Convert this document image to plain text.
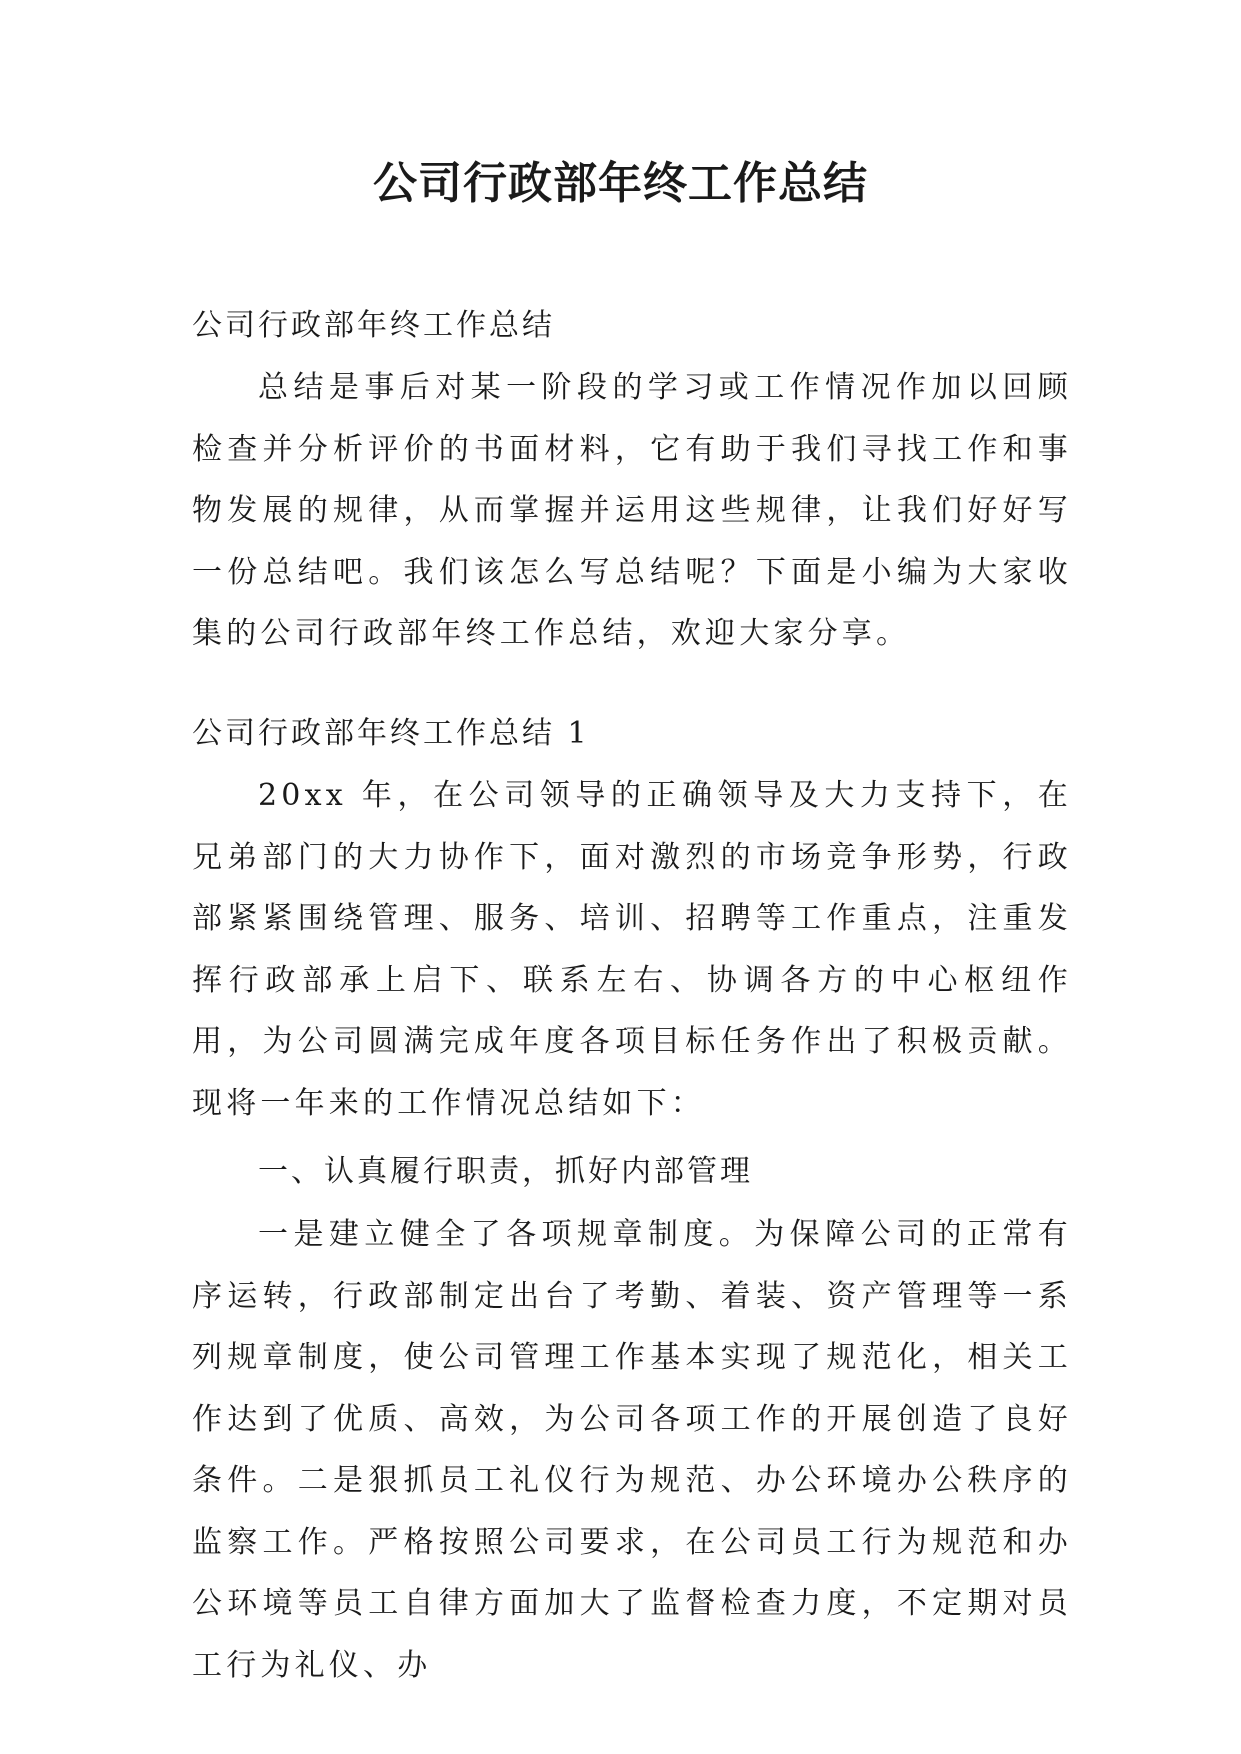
公司行政部年终工作总结

公司行政部年终工作总结

总结是事后对某一阶段的学习或工作情况作加以回顾检查并分析评价的书面材料，它有助于我们寻找工作和事物发展的规律，从而掌握并运用这些规律，让我们好好写一份总结吧。我们该怎么写总结呢？下面是小编为大家收集的公司行政部年终工作总结，欢迎大家分享。

公司行政部年终工作总结 1

20xx 年，在公司领导的正确领导及大力支持下，在兄弟部门的大力协作下，面对激烈的市场竞争形势，行政部紧紧围绕管理、服务、培训、招聘等工作重点，注重发挥行政部承上启下、联系左右、协调各方的中心枢纽作用，为公司圆满完成年度各项目标任务作出了积极贡献。现将一年来的工作情况总结如下：

一、认真履行职责，抓好内部管理

一是建立健全了各项规章制度。为保障公司的正常有序运转，行政部制定出台了考勤、着装、资产管理等一系列规章制度，使公司管理工作基本实现了规范化，相关工作达到了优质、高效，为公司各项工作的开展创造了良好条件。二是狠抓员工礼仪行为规范、办公环境办公秩序的监察工作。严格按照公司要求，在公司员工行为规范和办公环境等员工自律方面加大了监督检查力度，不定期对员工行为礼仪、办
